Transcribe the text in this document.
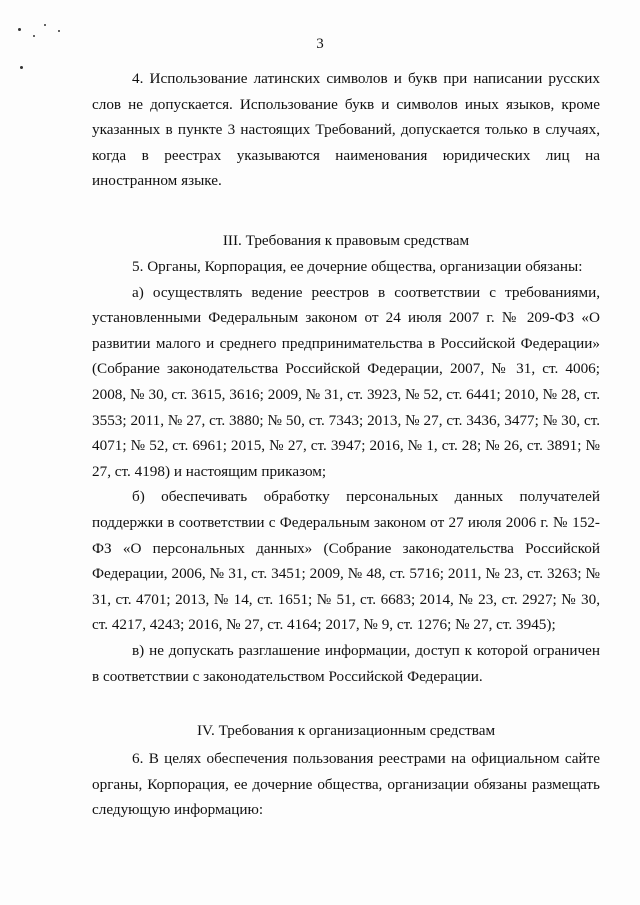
3

4. Использование латинских символов и букв при написании русских слов не допускается. Использование букв и символов иных языков, кроме указанных в пункте 3 настоящих Требований, допускается только в случаях, когда в реестрах указываются наименования юридических лиц на иностранном языке.

III. Требования к правовым средствам

5. Органы, Корпорация, ее дочерние общества, организации обязаны:

а) осуществлять ведение реестров в соответствии с требованиями, установленными Федеральным законом от 24 июля 2007 г. № 209-ФЗ «О развитии малого и среднего предпринимательства в Российской Федерации» (Собрание законодательства Российской Федерации, 2007, № 31, ст. 4006; 2008, № 30, ст. 3615, 3616; 2009, № 31, ст. 3923, № 52, ст. 6441; 2010, № 28, ст. 3553; 2011, № 27, ст. 3880; № 50, ст. 7343; 2013, № 27, ст. 3436, 3477; № 30, ст. 4071; № 52, ст. 6961; 2015, № 27, ст. 3947; 2016, № 1, ст. 28; № 26, ст. 3891; № 27, ст. 4198) и настоящим приказом;

б) обеспечивать обработку персональных данных получателей поддержки в соответствии с Федеральным законом от 27 июля 2006 г. № 152-ФЗ «О персональных данных» (Собрание законодательства Российской Федерации, 2006, № 31, ст. 3451; 2009, № 48, ст. 5716; 2011, № 23, ст. 3263; № 31, ст. 4701; 2013, № 14, ст. 1651; № 51, ст. 6683; 2014, № 23, ст. 2927; № 30, ст. 4217, 4243; 2016, № 27, ст. 4164; 2017, № 9, ст. 1276; № 27, ст. 3945);

в) не допускать разглашение информации, доступ к которой ограничен в соответствии с законодательством Российской Федерации.

IV. Требования к организационным средствам

6. В целях обеспечения пользования реестрами на официальном сайте органы, Корпорация, ее дочерние общества, организации обязаны размещать следующую информацию:
